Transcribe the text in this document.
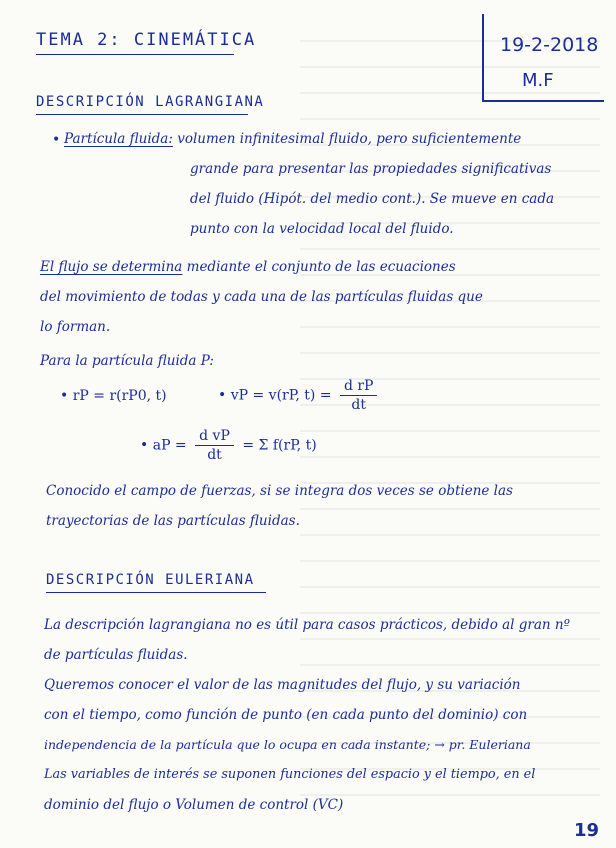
TEMA 2: CINEMÁTICA	19-2-2018
M.F
DESCRIPCIÓN LAGRANGIANA
• Partícula fluida: volumen infinitesimal fluido, pero suficientemente
grande para presentar las propiedades significativas
del fluido (Hipót. del medio cont.). Se mueve en cada
punto con la velocidad local del fluido.
El flujo se determina mediante el conjunto de las ecuaciones
del movimiento de todas y cada una de las partículas fluidas que
lo forman.
Para la partícula fluida P:
• rP = r(rP0, t)	• vP = v(rP, $t) = \frac{\text{d rP}}{dt}$
• aP = $\frac{\text{d vP}}{dt} = \Sigma$ f(rP, t)
Conocido el campo de fuerzas, si se integra dos veces se obtiene las
trayectorias de las partículas fluidas.
DESCRIPCIÓN EULERIANA
La descripción lagrangiana no es útil para casos prácticos, debido al gran nº
de partículas fluidas.
Queremos conocer el valor de las magnitudes del flujo, y su variación
con el tiempo, como función de punto (en cada punto del dominio) con
independencia de la partícula que lo ocupa en cada instante; → pr. Euleriana
Las variables de interés se suponen funciones del espacio y el tiempo, en el
dominio del flujo o Volumen de control (VC)
19
